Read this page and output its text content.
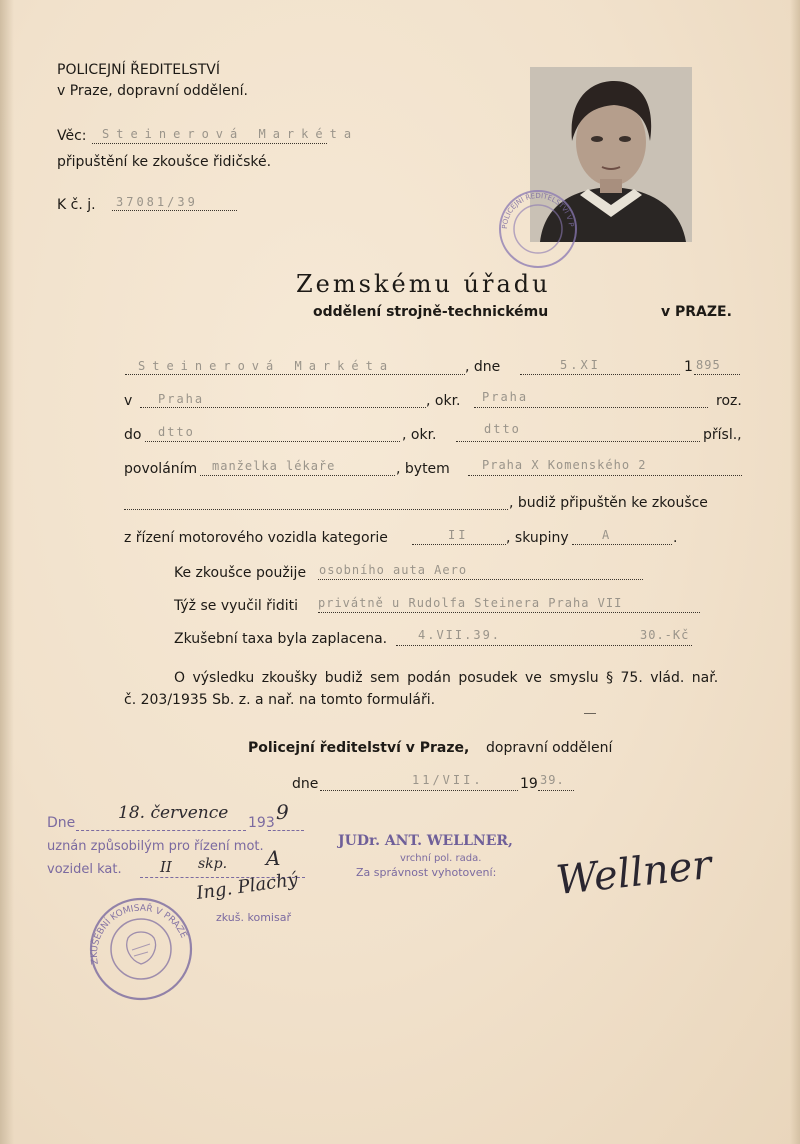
POLICEJNÍ ŘEDITELSTVÍ
v Praze, dopravní oddělení.
Věc: Steinerová Markéta
připuštění ke zkoušce řidičské.
K č. j. 37081/39
POLICEJNÍ ŘEDITELSTVÍ V P
Zemskému úřadu
oddělení strojně-technickému	v PRAZE.
Steinerová Markéta	, dne	5.XI	1 895
v Praha	, okr. Praha	roz.
do dtto	, okr.	dtto	přísl.,
povoláním manželka lékaře	, bytem	Praha X Komenského 2
, budiž připuštěn ke zkoušce
z řízení motorového vozidla kategorie	II	, skupiny	A	.
Ke zkoušce použije osobního auta Aero
Týž se vyučil řiditi privátně u Rudolfa Steinera Praha VII
Zkušební taxa byla zaplacena.	4.VII.39.	30.-Kč
O výsledku zkoušky budiž sem podán posudek ve smyslu § 75. vlád. nař.
č. 203/1935 Sb. z. a nař. na tomto formuláři.
Policejní ředitelství v Praze, dopravní oddělení
dne	11/VII.	19 39.
Dne	18. července 193 9
uznán způsobilým pro řízení mot.
vozidel kat.	II skp. A
Ing. Plachý
zkuš. komisař
ZKUŠEBNÍ KOMISAŘ V PRAZE
JUDr. ANT. WELLNER,
vrchní pol. rada.
Za správnost vyhotovení: Wellner
